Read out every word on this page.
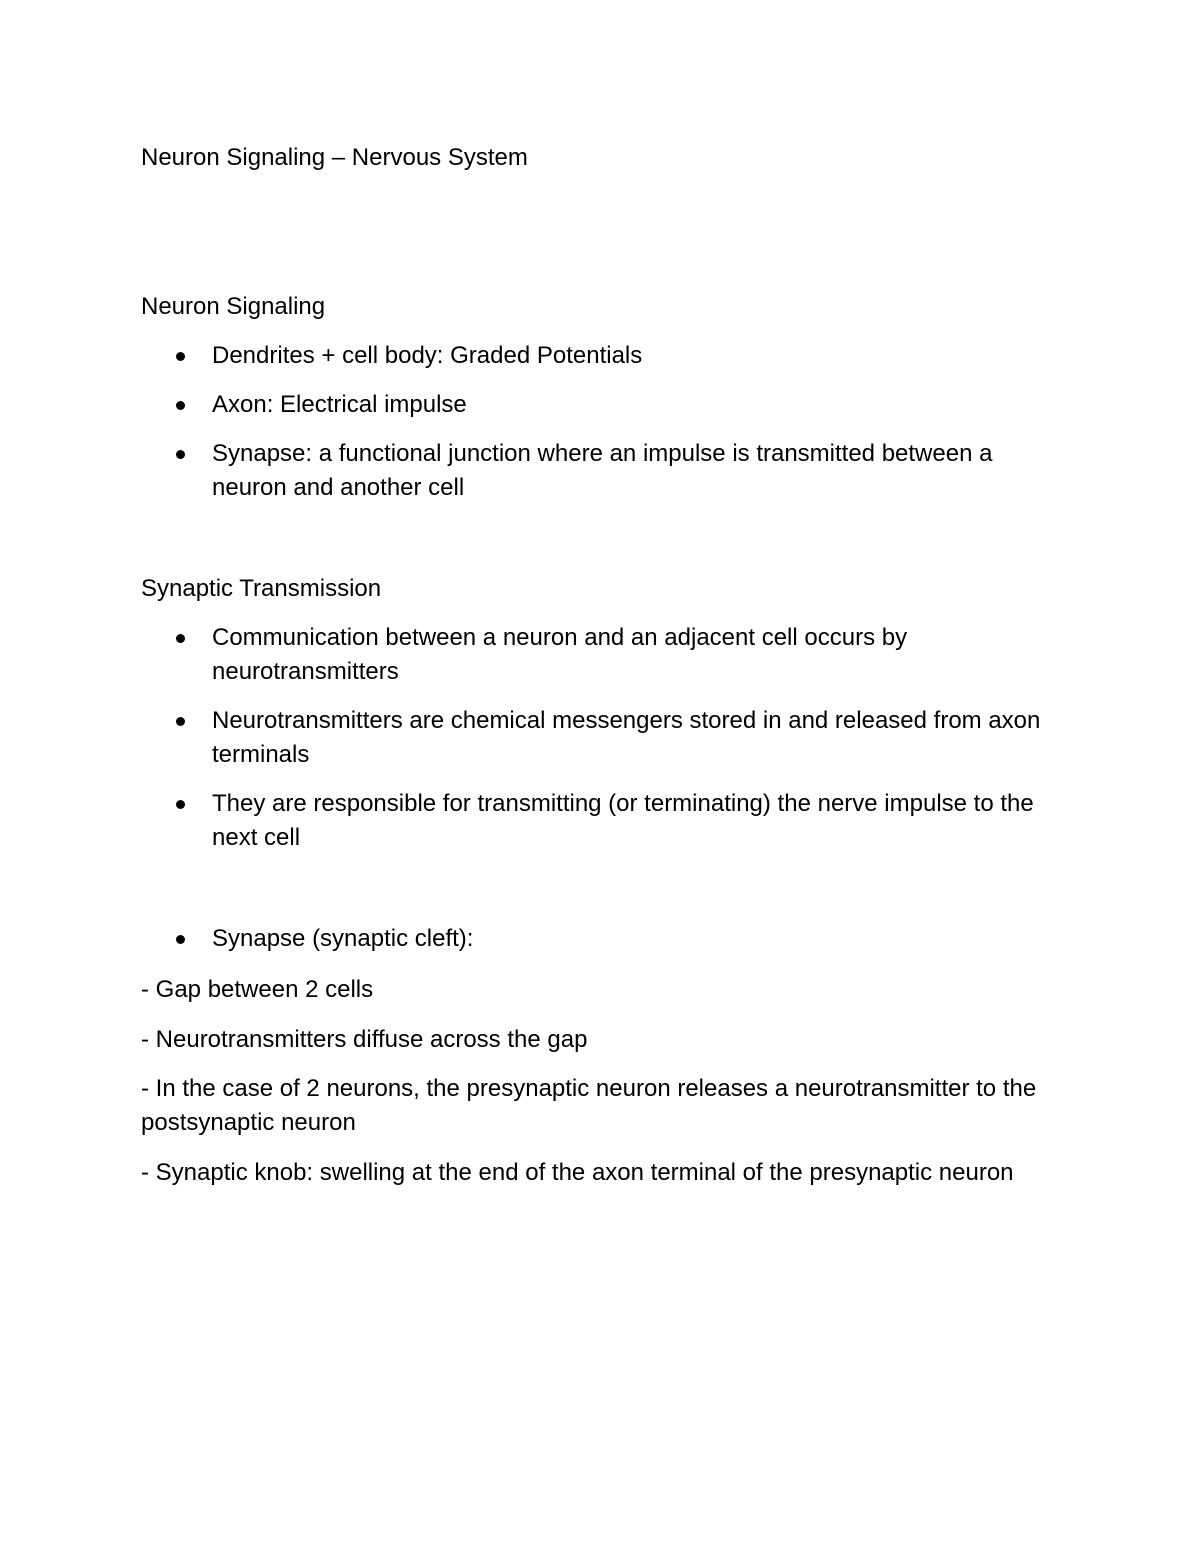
Neuron Signaling – Nervous System
Neuron Signaling
Dendrites + cell body: Graded Potentials
Axon: Electrical impulse
Synapse: a functional junction where an impulse is transmitted between a neuron and another cell
Synaptic Transmission
Communication between a neuron and an adjacent cell occurs by neurotransmitters
Neurotransmitters are chemical messengers stored in and released from axon terminals
They are responsible for transmitting (or terminating) the nerve impulse to the next cell
Synapse (synaptic cleft):

- Gap between 2 cells

- Neurotransmitters diffuse across the gap

- In the case of 2 neurons, the presynaptic neuron releases a neurotransmitter to the postsynaptic neuron

- Synaptic knob: swelling at the end of the axon terminal of the presynaptic neuron
